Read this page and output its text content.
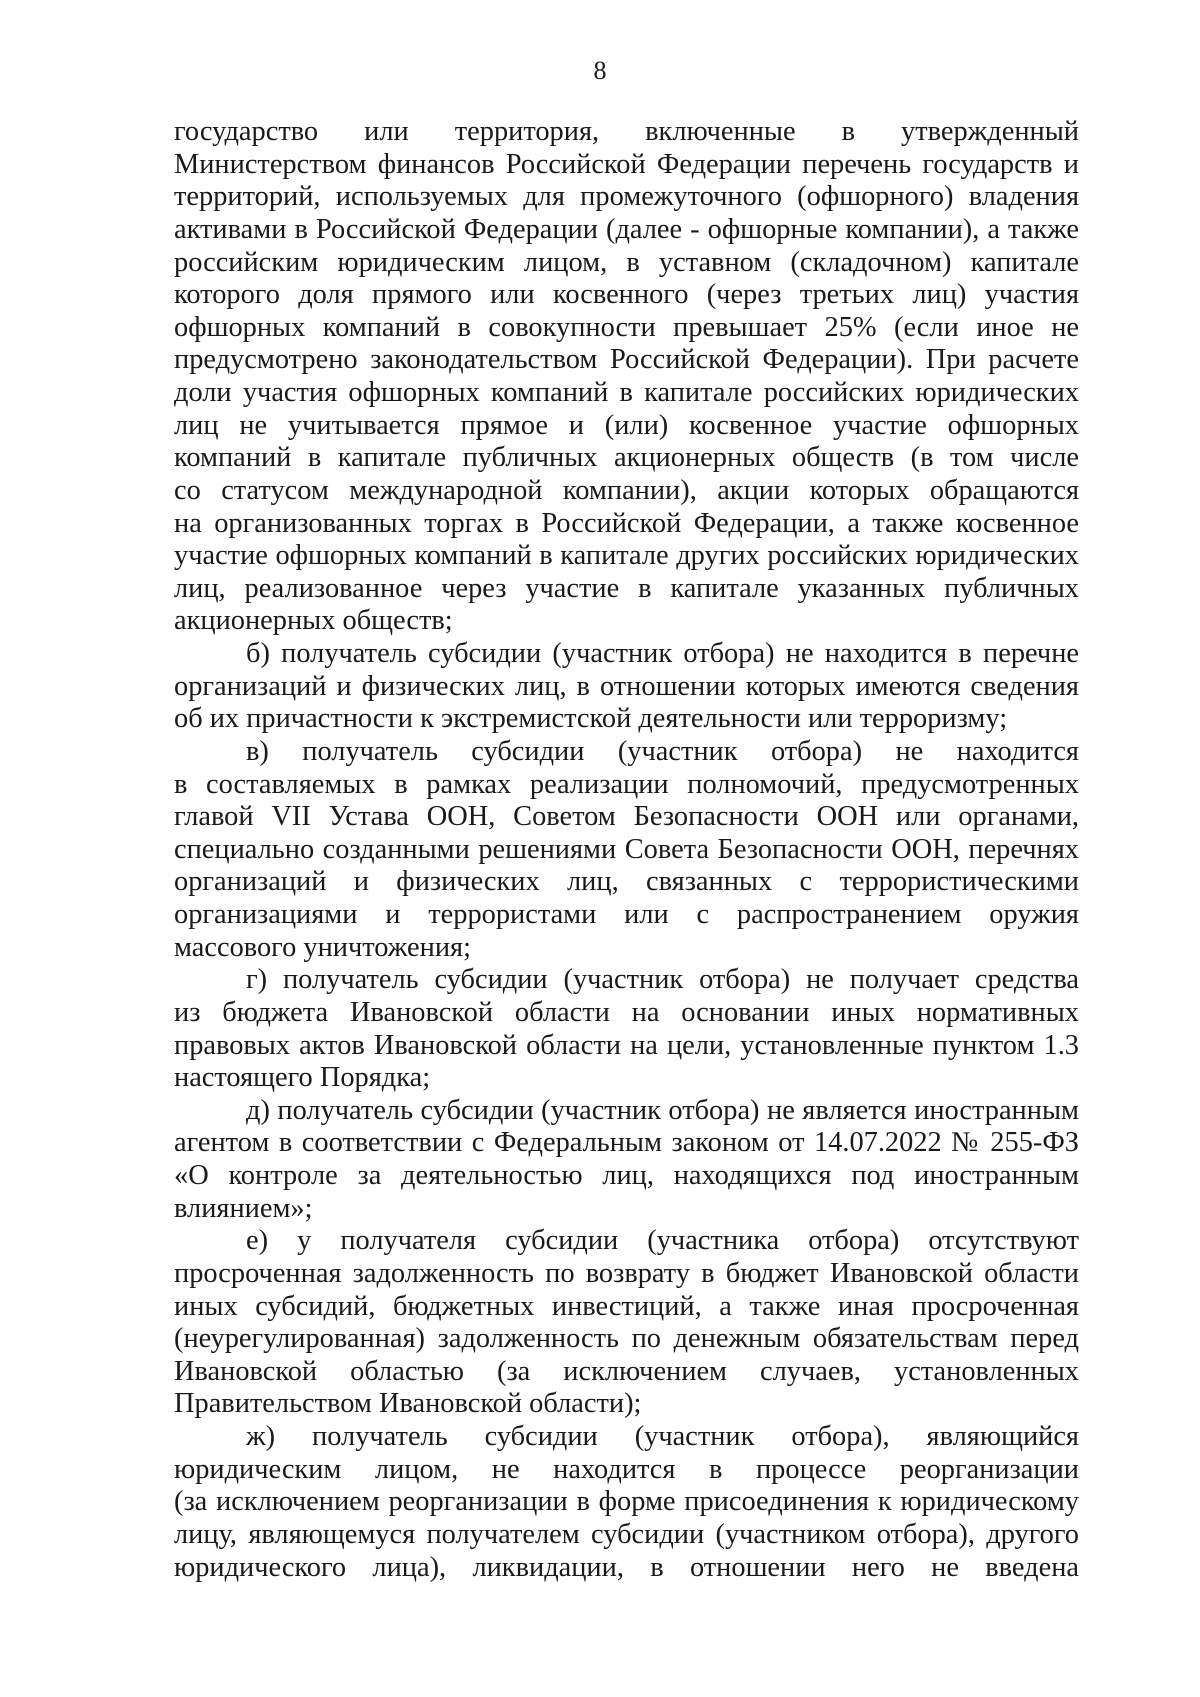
8
государство или территория, включенные в утвержденный
Министерством финансов Российской Федерации перечень государств и
территорий, используемых для промежуточного (офшорного) владения
активами в Российской Федерации (далее - офшорные компании), а также
российским юридическим лицом, в уставном (складочном) капитале
которого доля прямого или косвенного (через третьих лиц) участия
офшорных компаний в совокупности превышает 25% (если иное не
предусмотрено законодательством Российской Федерации). При расчете
доли участия офшорных компаний в капитале российских юридических
лиц не учитывается прямое и (или) косвенное участие офшорных
компаний в капитале публичных акционерных обществ (в том числе
со статусом международной компании), акции которых обращаются
на организованных торгах в Российской Федерации, а также косвенное
участие офшорных компаний в капитале других российских юридических
лиц, реализованное через участие в капитале указанных публичных
акционерных обществ;
б) получатель субсидии (участник отбора) не находится в перечне
организаций и физических лиц, в отношении которых имеются сведения
об их причастности к экстремистской деятельности или терроризму;
в) получатель субсидии (участник отбора) не находится
в составляемых в рамках реализации полномочий, предусмотренных
главой VII Устава ООН, Советом Безопасности ООН или органами,
специально созданными решениями Совета Безопасности ООН, перечнях
организаций и физических лиц, связанных с террористическими
организациями и террористами или с распространением оружия
массового уничтожения;
г) получатель субсидии (участник отбора) не получает средства
из бюджета Ивановской области на основании иных нормативных
правовых актов Ивановской области на цели, установленные пунктом 1.3
настоящего Порядка;
д) получатель субсидии (участник отбора) не является иностранным
агентом в соответствии с Федеральным законом от 14.07.2022 № 255-ФЗ
«О контроле за деятельностью лиц, находящихся под иностранным
влиянием»;
е) у получателя субсидии (участника отбора) отсутствуют
просроченная задолженность по возврату в бюджет Ивановской области
иных субсидий, бюджетных инвестиций, а также иная просроченная
(неурегулированная) задолженность по денежным обязательствам перед
Ивановской областью (за исключением случаев, установленных
Правительством Ивановской области);
ж) получатель субсидии (участник отбора), являющийся
юридическим лицом, не находится в процессе реорганизации
(за исключением реорганизации в форме присоединения к юридическому
лицу, являющемуся получателем субсидии (участником отбора), другого
юридического лица), ликвидации, в отношении него не введена
